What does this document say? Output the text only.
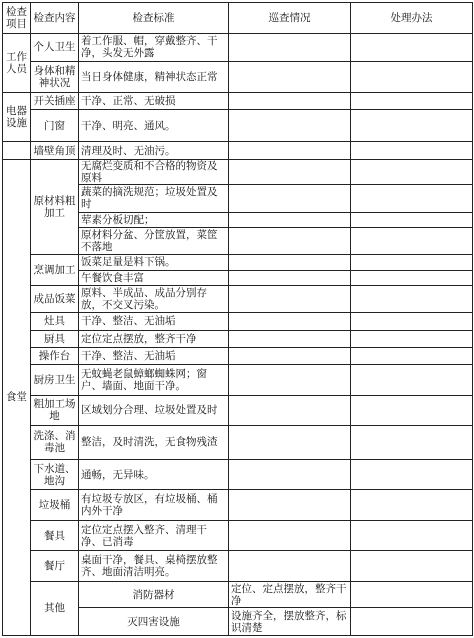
检查项目	检查内容	检查标准	巡查情况	处理办法	
工作人员	个人卫生	着工作服、帽，穿戴整齐、干净，头发无外露			
	身体和精神状况	当日身体健康，精神状态正常			
电器设施	开关插座	干净、正常、无破损			
	门窗	干净、明亮、通风。			
	墙壁角顶	清理及时、无油污。			
食堂	原材料粗加工	无腐烂变质和不合格的物资及原料			
		蔬菜的摘洗规范；垃圾处置及时			
		荤素分板切配；			
		原材料分盆、分筐放置，菜筐不落地			
	烹调加工	饭菜足量是料下锅。			
		午餐饮食丰富			
	成品饭菜	原料、半成品、成品分别存放，不交叉污染。			
	灶具	干净、整洁、无油垢			
	厨具	定位定点摆放，整齐干净			
	操作台	干净、整洁、无油垢			
	厨房卫生	无蚊蝇老鼠蟑螂蜘蛛网；窗户、墙面、地面干净。			
	粗加工场地	区域划分合理、垃圾处置及时			
	洗涤、消毒池	整洁，及时清洗，无食物残渣			
	下水道、地沟	通畅，无异味。			
	垃圾桶	有垃圾专放区，有垃圾桶、桶内外干净			
	餐具	定位定点摆入整齐、清理干净、已消毒			
	餐厅	桌面干净，餐具、桌椅摆放整齐、地面清洁明亮。			
	其他	消防器材	定位、定点摆放，整齐干净		
		灭四害设施	设施齐全，摆放整齐，标识清楚		
